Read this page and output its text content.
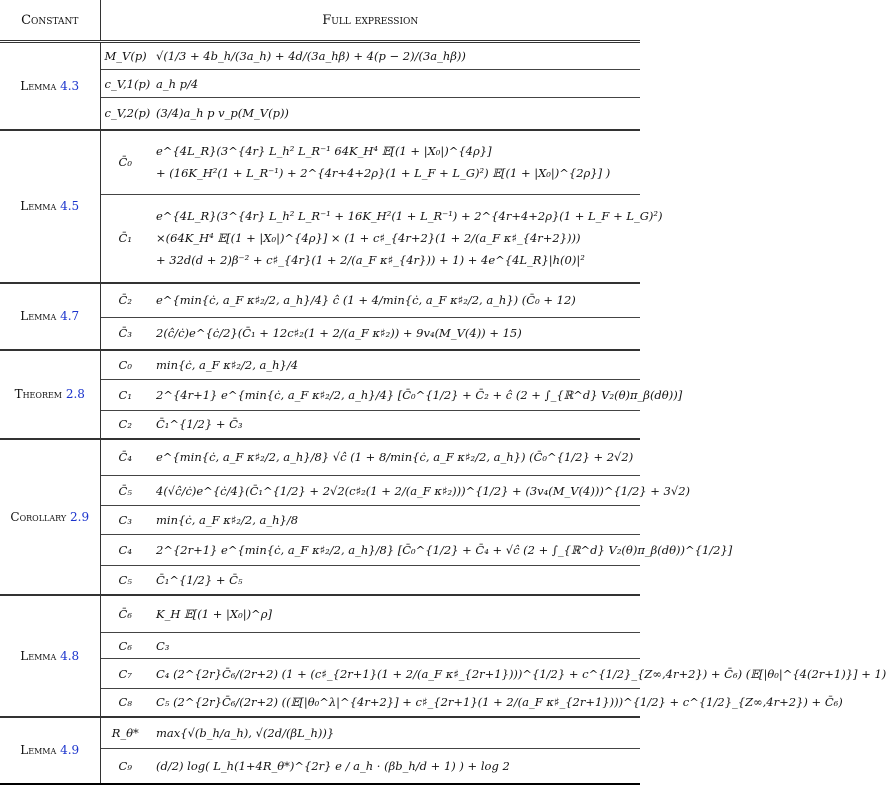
Constant	Full expression	
Lemma 4.3	M_V(p)	√(1/3 + 4b_h/(3a_h) + 4d/(3a_hβ) + 4(p − 2)/(3a_hβ))

	c_V,1(p)	a_h p/4

	c_V,2(p)	(3/4)a_h p v_p(M_V(p))

Lemma 4.5	C̄₀	e^{4L_R}(3^{4r} L_h² L_R⁻¹ 64K_H⁴ 𝔼[(1 + |X₀|)^{4ρ}]
+ (16K_H²(1 + L_R⁻¹) + 2^{4r+4+2ρ}(1 + L_F + L_G)²) 𝔼[(1 + |X₀|)^{2ρ}] )

	C̄₁	e^{4L_R}(3^{4r} L_h² L_R⁻¹ + 16K_H²(1 + L_R⁻¹) + 2^{4r+4+2ρ}(1 + L_F + L_G)²)
×(64K_H⁴ 𝔼[(1 + |X₀|)^{4ρ}] × (1 + c♯_{4r+2}(1 + 2/(a_F κ♯_{4r+2})))
+ 32d(d + 2)β⁻² + c♯_{4r}(1 + 2/(a_F κ♯_{4r})) + 1) + 4e^{4L_R}|h(0)|²

Lemma 4.7	C̄₂	e^{min{ċ, a_F κ♯₂/2, a_h}/4} ĉ (1 + 4/min{ċ, a_F κ♯₂/2, a_h}) (C̄₀ + 12)

	C̄₃	2(ĉ/ċ)e^{ċ/2}(C̄₁ + 12c♯₂(1 + 2/(a_F κ♯₂)) + 9v₄(M_V(4)) + 15)

Theorem 2.8	C₀	min{ċ, a_F κ♯₂/2, a_h}/4

	C₁	2^{4r+1} e^{min{ċ, a_F κ♯₂/2, a_h}/4} [C̄₀^{1/2} + C̄₂ + ĉ (2 + ∫_{ℝ^d} V₂(θ)π_β(dθ))]

	C₂	C̄₁^{1/2} + C̄₃

Corollary 2.9	C̄₄	e^{min{ċ, a_F κ♯₂/2, a_h}/8} √ĉ (1 + 8/min{ċ, a_F κ♯₂/2, a_h}) (C̄₀^{1/2} + 2√2)

	C̄₅	4(√ĉ/ċ)e^{ċ/4}(C̄₁^{1/2} + 2√2(c♯₂(1 + 2/(a_F κ♯₂)))^{1/2} + (3v₄(M_V(4)))^{1/2} + 3√2)

	C₃	min{ċ, a_F κ♯₂/2, a_h}/8

	C₄	2^{2r+1} e^{min{ċ, a_F κ♯₂/2, a_h}/8} [C̄₀^{1/2} + C̄₄ + √ĉ (2 + ∫_{ℝ^d} V₂(θ)π_β(dθ))^{1/2}]

	C₅	C̄₁^{1/2} + C̄₅

Lemma 4.8	C̄₆	K_H 𝔼[(1 + |X₀|)^ρ]

	C₆	C₃

	C₇	C₄ (2^{2r}C̄₆/(2r+2) (1 + (c♯_{2r+1}(1 + 2/(a_F κ♯_{2r+1})))^{1/2} + c^{1/2}_{Z∞,4r+2}) + C̄₆) (𝔼[|θ₀|^{4(2r+1)}] + 1)

	C₈	C₅ (2^{2r}C̄₆/(2r+2) ((𝔼[|θ₀^λ|^{4r+2}] + c♯_{2r+1}(1 + 2/(a_F κ♯_{2r+1})))^{1/2} + c^{1/2}_{Z∞,4r+2}) + C̄₆)

Lemma 4.9	R_θ*	max{√(b_h/a_h), √(2d/(βL_h))}

	C₉	(d/2) log( L_h(1+4R_θ*)^{2r} e / a_h · (βb_h/d + 1) ) + log 2
